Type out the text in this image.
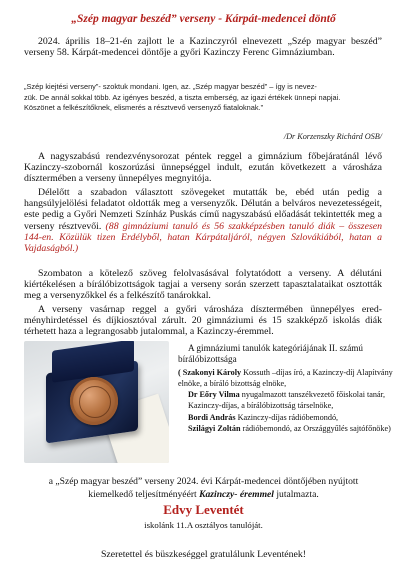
„Szép magyar beszéd” verseny - Kárpát-medencei döntő
2024. április 18–21-én zajlott le a Kazinczyról elnevezett „Szép magyar beszéd” verseny 58. Kárpát-medencei döntője a győri Kazinczy Ferenc Gimnáziumban.
„Szép kiejtési verseny”- szoktuk mondani. Igen, az. „Szép magyar beszéd” – így is nevez-
zük. De annál sokkal több. Az igényes beszéd, a tiszta emberség, az igazi értékek ünnepi napjai.
Köszönet a felkészítőknek, elismerés a résztvevő versenyző fiataloknak.”
/Dr Korzenszky Richárd OSB/
A nagyszabású rendezvénysorozat péntek reggel a gimnázium főbejáratánál lévő Kazinczy-szobornál koszorúzási ünnepséggel indult, ezután következett a városháza dísztermében a verseny ünnepélyes megnyitója.
Délelőtt a szabadon választott szövegeket mutatták be, ebéd után pedig a hangsúlyjelölési feladatot oldották meg a versenyzők. Délután a belváros nevezetességeit, este pedig a Győri Nemzeti Színház Puskás című nagyszabású előadását tekintették meg a verseny résztvevői. (88 gimnáziumi tanuló és 56 szakképzésben tanuló diák – összesen 144-en. Közülük tizen Erdélyből, hatan Kárpátaljáról, négyen Szlovákiából, hatan a Vajdaságból.)
Szombaton a kötelező szöveg felolvasásával folytatódott a verseny. A délutáni kiértékelésen a bírálóbizottságok tagjai a verseny során szerzett tapasztalataikat osztották meg a versenyzőkkel és a felkészítő tanárokkal.
A verseny vasárnap reggel a győri városháza dísztermében ünnepélyes ered-ményhirdetéssel és díjkiosztóval zárult. 20 gimnáziumi és 15 szakképző iskolás diák térhetett haza a legrangosabb jutalommal, a Kazinczy-éremmel.
A gimnáziumi tanulók kategóriájának II. számú bírálóbizottsága
( Szakonyi Károly Kossuth –díjas író, a Kazinczy-díj Alapítvány elnöke, a bíráló bizottság elnöke,
Dr Eőry Vilma nyugalmazott tanszékvezető főiskolai tanár, Kazinczy-díjas, a bírálóbizottság társelnöke,
Bordi András Kazinczy-díjas rádióbemondó,
Szilágyi Zoltán rádióbemondó, az Országgyűlés sajtófőnöke)
a „Szép magyar beszéd” verseny 2024. évi Kárpát-medencei döntőjében nyújtott
kiemelkedő teljesítményéért Kazinczy- éremmel jutalmazta.
Edvy Leventét
iskolánk 11.A osztályos tanulóját.
Szeretettel és büszkeséggel gratulálunk Leventének!
